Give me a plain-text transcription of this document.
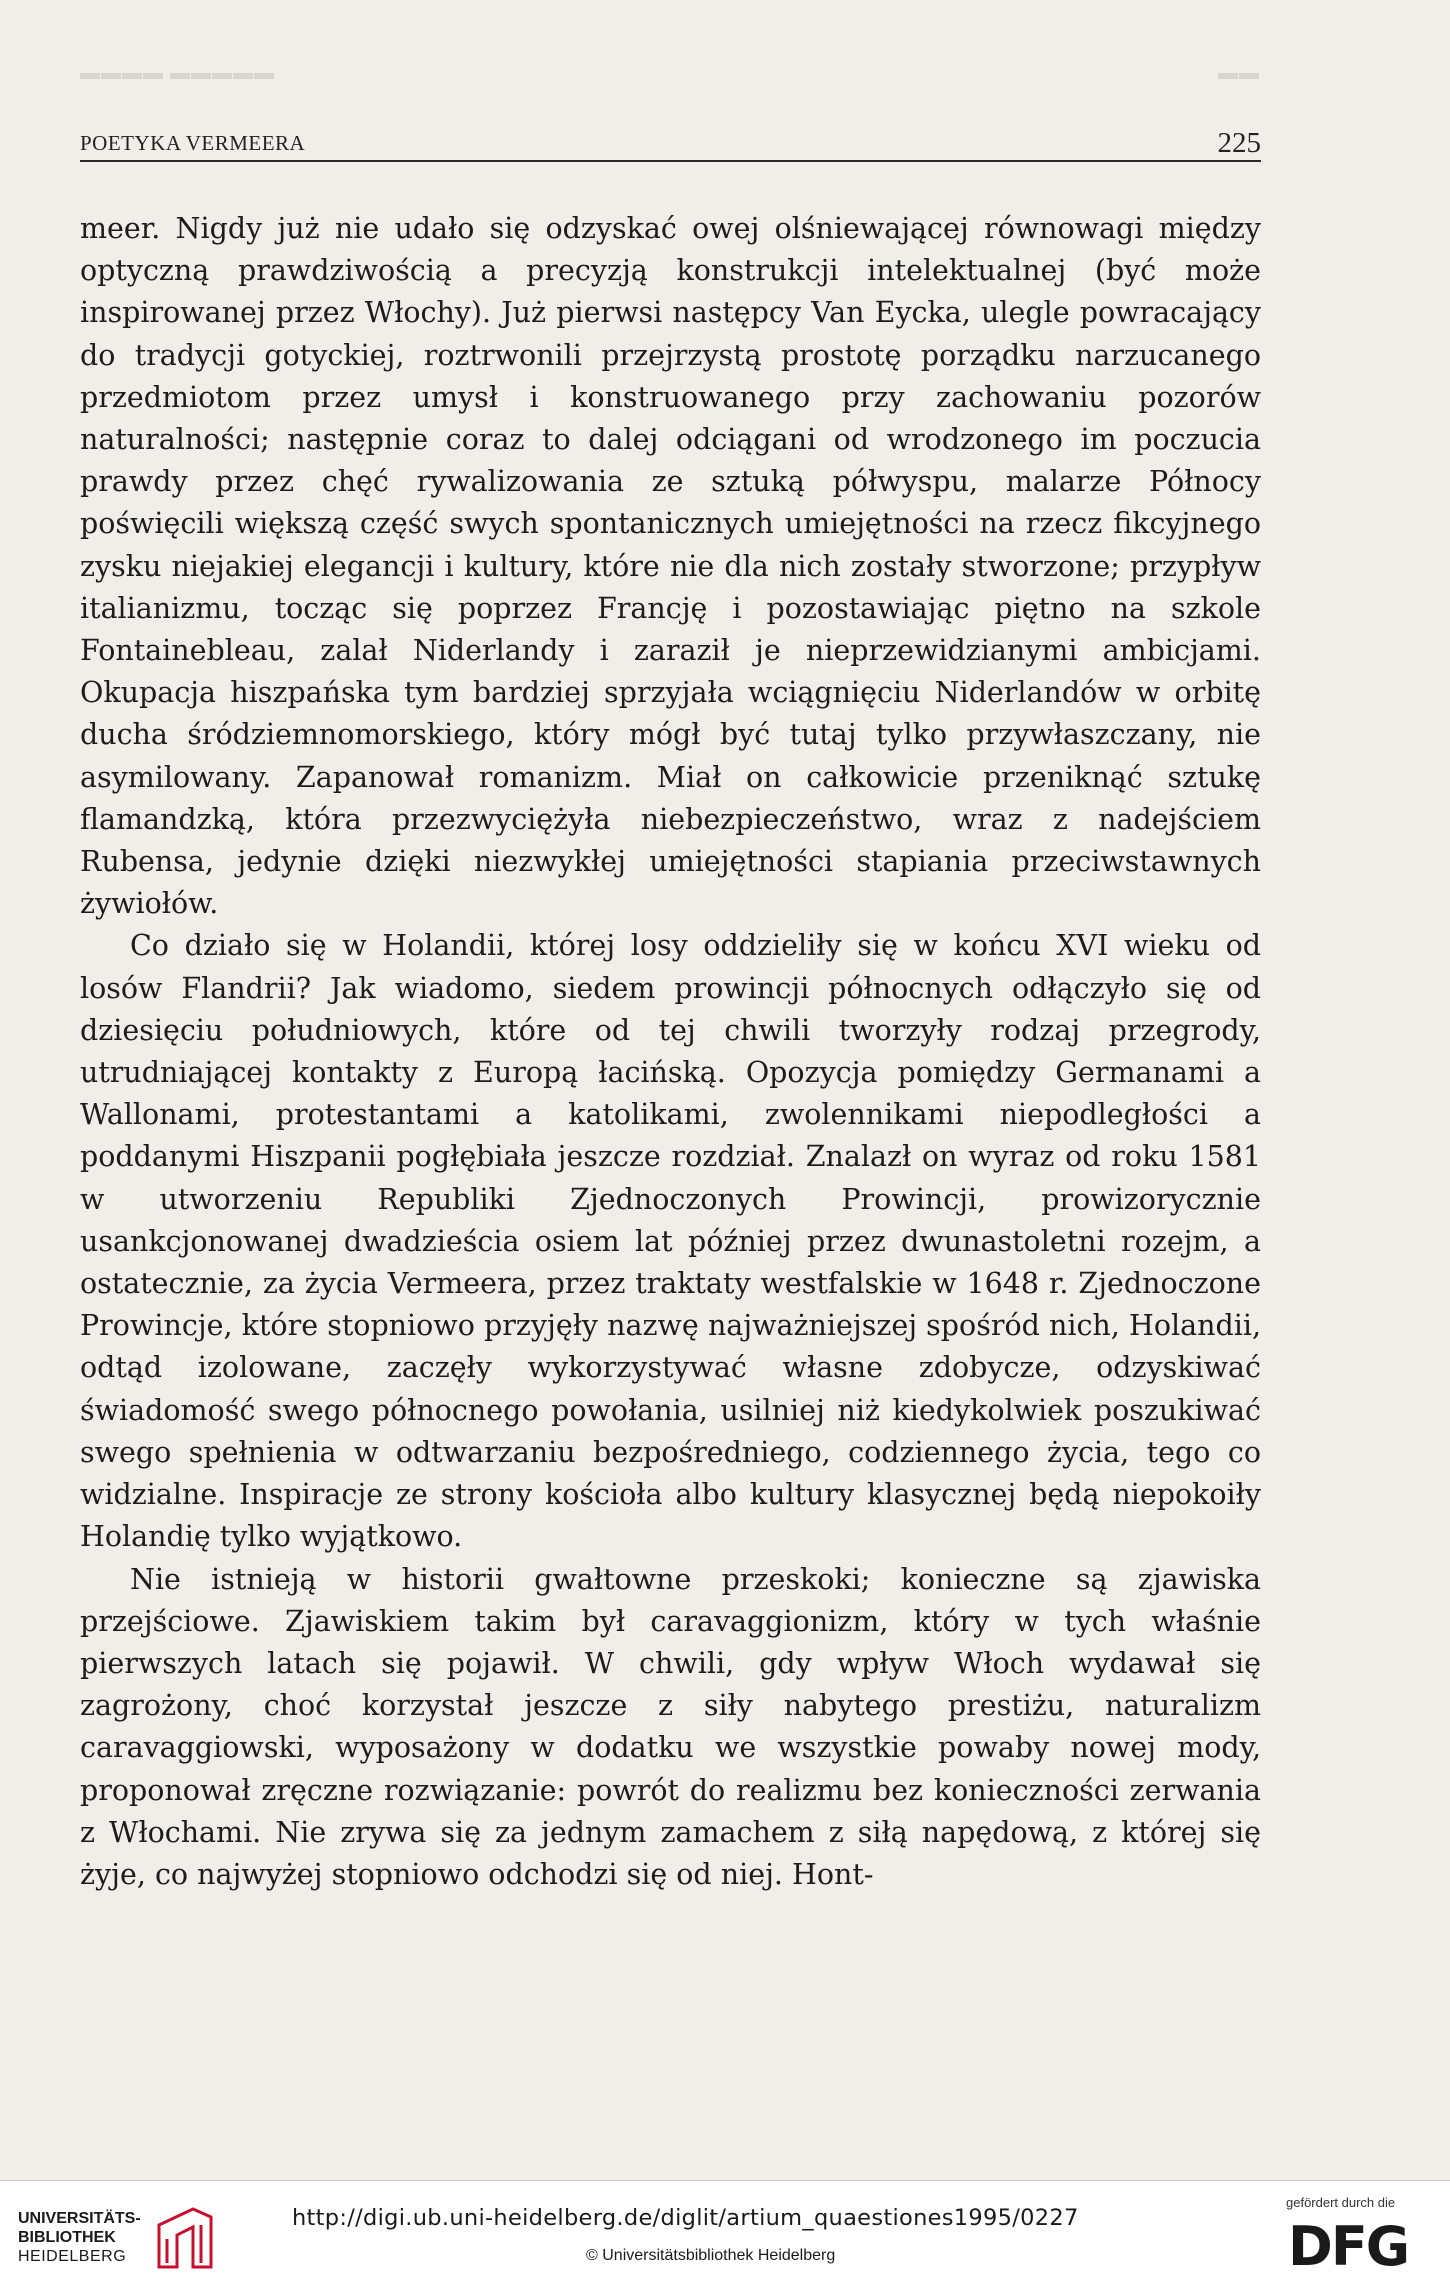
▬▬▬▬ ▬▬▬▬▬	▬▬
POETYKA VERMEERA	225

meer. Nigdy już nie udało się odzyskać owej olśniewającej równowagi między optyczną prawdziwością a precyzją konstrukcji intelektualnej (być może inspirowanej przez Włochy). Już pierwsi następcy Van Eycka, ulegle powracający do tradycji gotyckiej, roztrwonili przejrzystą prostotę porządku narzucanego przedmiotom przez umysł i konstruowanego przy zachowaniu pozorów naturalności; następnie coraz to dalej odciągani od wrodzonego im poczucia prawdy przez chęć rywalizowania ze sztuką półwyspu, malarze Północy poświęcili większą część swych spontanicznych umiejętności na rzecz fikcyjnego zysku niejakiej elegancji i kultury, które nie dla nich zostały stworzone; przypływ italianizmu, tocząc się poprzez Francję i pozostawiając piętno na szkole Fontainebleau, zalał Niderlandy i zaraził je nieprzewidzianymi ambicjami. Okupacja hiszpańska tym bardziej sprzyjała wciągnięciu Niderlandów w orbitę ducha śródziemnomorskiego, który mógł być tutaj tylko przywłaszczany, nie asymilowany. Zapanował romanizm. Miał on całkowicie przeniknąć sztukę flamandzką, która przezwyciężyła niebezpieczeństwo, wraz z nadejściem Rubensa, jedynie dzięki niezwykłej umiejętności stapiania przeciwstawnych żywiołów.

Co działo się w Holandii, której losy oddzieliły się w końcu XVI wieku od losów Flandrii? Jak wiadomo, siedem prowincji północnych odłączyło się od dziesięciu południowych, które od tej chwili tworzyły rodzaj przegrody, utrudniającej kontakty z Europą łacińską. Opozycja pomiędzy Germanami a Wallonami, protestantami a katolikami, zwolennikami niepodległości a poddanymi Hiszpanii pogłębiała jeszcze rozdział. Znalazł on wyraz od roku 1581 w utworzeniu Republiki Zjednoczonych Prowincji, prowizorycznie usankcjonowanej dwadzieścia osiem lat później przez dwunastoletni rozejm, a ostatecznie, za życia Vermeera, przez traktaty westfalskie w 1648 r. Zjednoczone Prowincje, które stopniowo przyjęły nazwę najważniejszej spośród nich, Holandii, odtąd izolowane, zaczęły wykorzystywać własne zdobycze, odzyskiwać świadomość swego północnego powołania, usilniej niż kiedykolwiek poszukiwać swego spełnienia w odtwarzaniu bezpośredniego, codziennego życia, tego co widzialne. Inspiracje ze strony kościoła albo kultury klasycznej będą niepokoiły Holandię tylko wyjątkowo.

Nie istnieją w historii gwałtowne przeskoki; konieczne są zjawiska przejściowe. Zjawiskiem takim był caravaggionizm, który w tych właśnie pierwszych latach się pojawił. W chwili, gdy wpływ Włoch wydawał się zagrożony, choć korzystał jeszcze z siły nabytego prestiżu, naturalizm caravaggiowski, wyposażony w dodatku we wszystkie powaby nowej mody, proponował zręczne rozwiązanie: powrót do realizmu bez konieczności zerwania z Włochami. Nie zrywa się za jednym zamachem z siłą napędową, z której się żyje, co najwyżej stopniowo odchodzi się od niej. Hont-

UNIVERSITÄTS-
BIBLIOTHEK
HEIDELBERG
http://digi.ub.uni-heidelberg.de/diglit/artium_quaestiones1995/0227
© Universitätsbibliothek Heidelberg
gefördert durch die
DFG
